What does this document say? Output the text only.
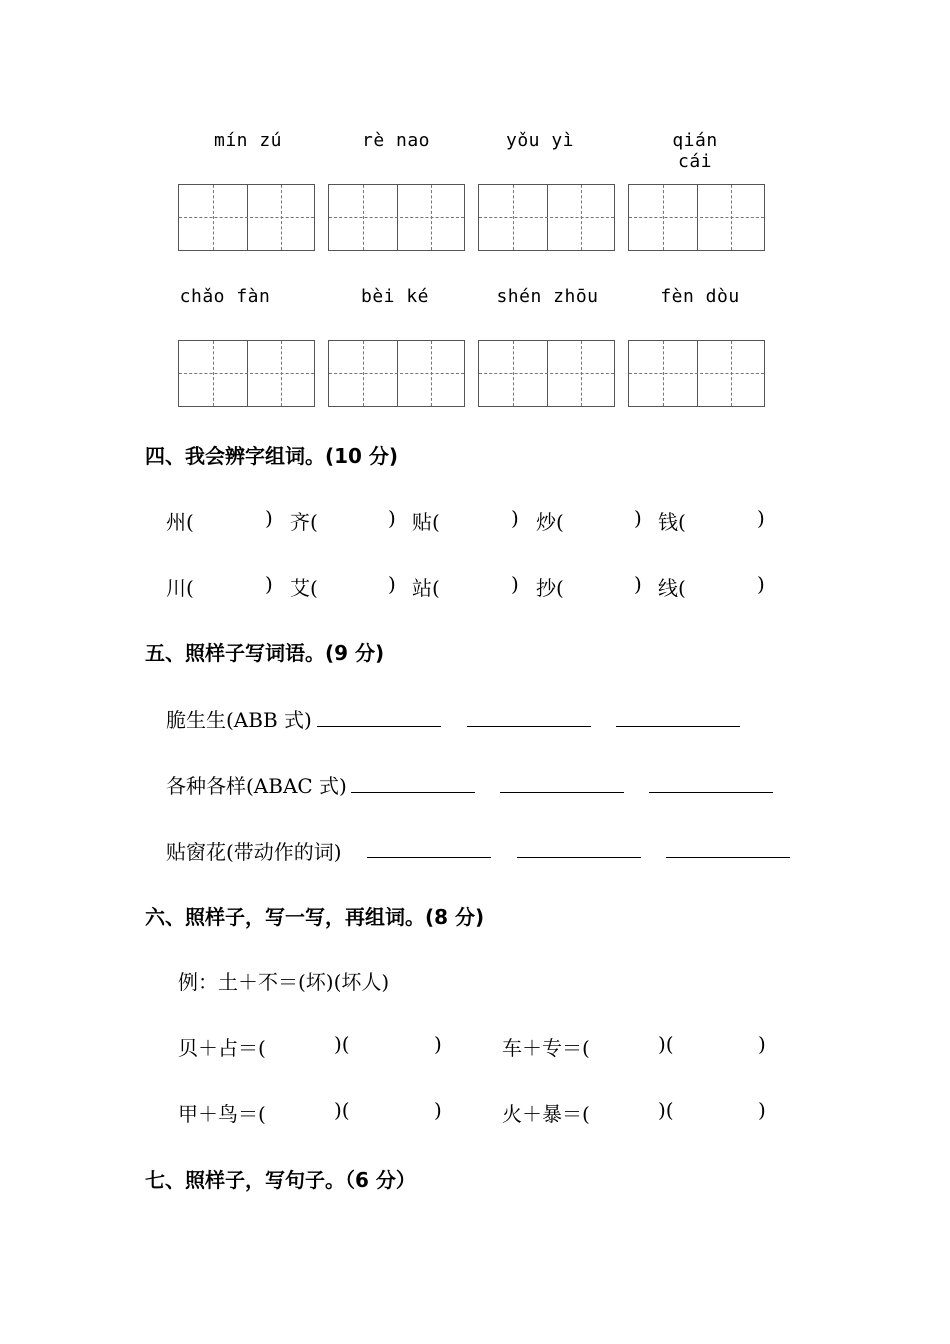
mín zú	rè nao	yǒu yì	qián cái
chǎo fàn	bèi ké	shén zhōu	fèn dòu
四、我会辨字组词。(10 分)
州(	) 齐(	) 贴(	) 炒(	) 钱(	)
川(	) 艾(	) 站(	) 抄(	) 线(	)
五、照样子写词语。(9 分)
脆生生(ABB 式)
各种各样(ABAC 式)
贴窗花(带动作的词)
六、照样子，写一写，再组词。(8 分)
例：土＋不＝(坏)(坏人)
贝＋占＝(	)(	)	车＋专＝(	)(	)
甲＋鸟＝(	)(	)	火＋暴＝(	)(	)
七、照样子，写句子。（6 分）
